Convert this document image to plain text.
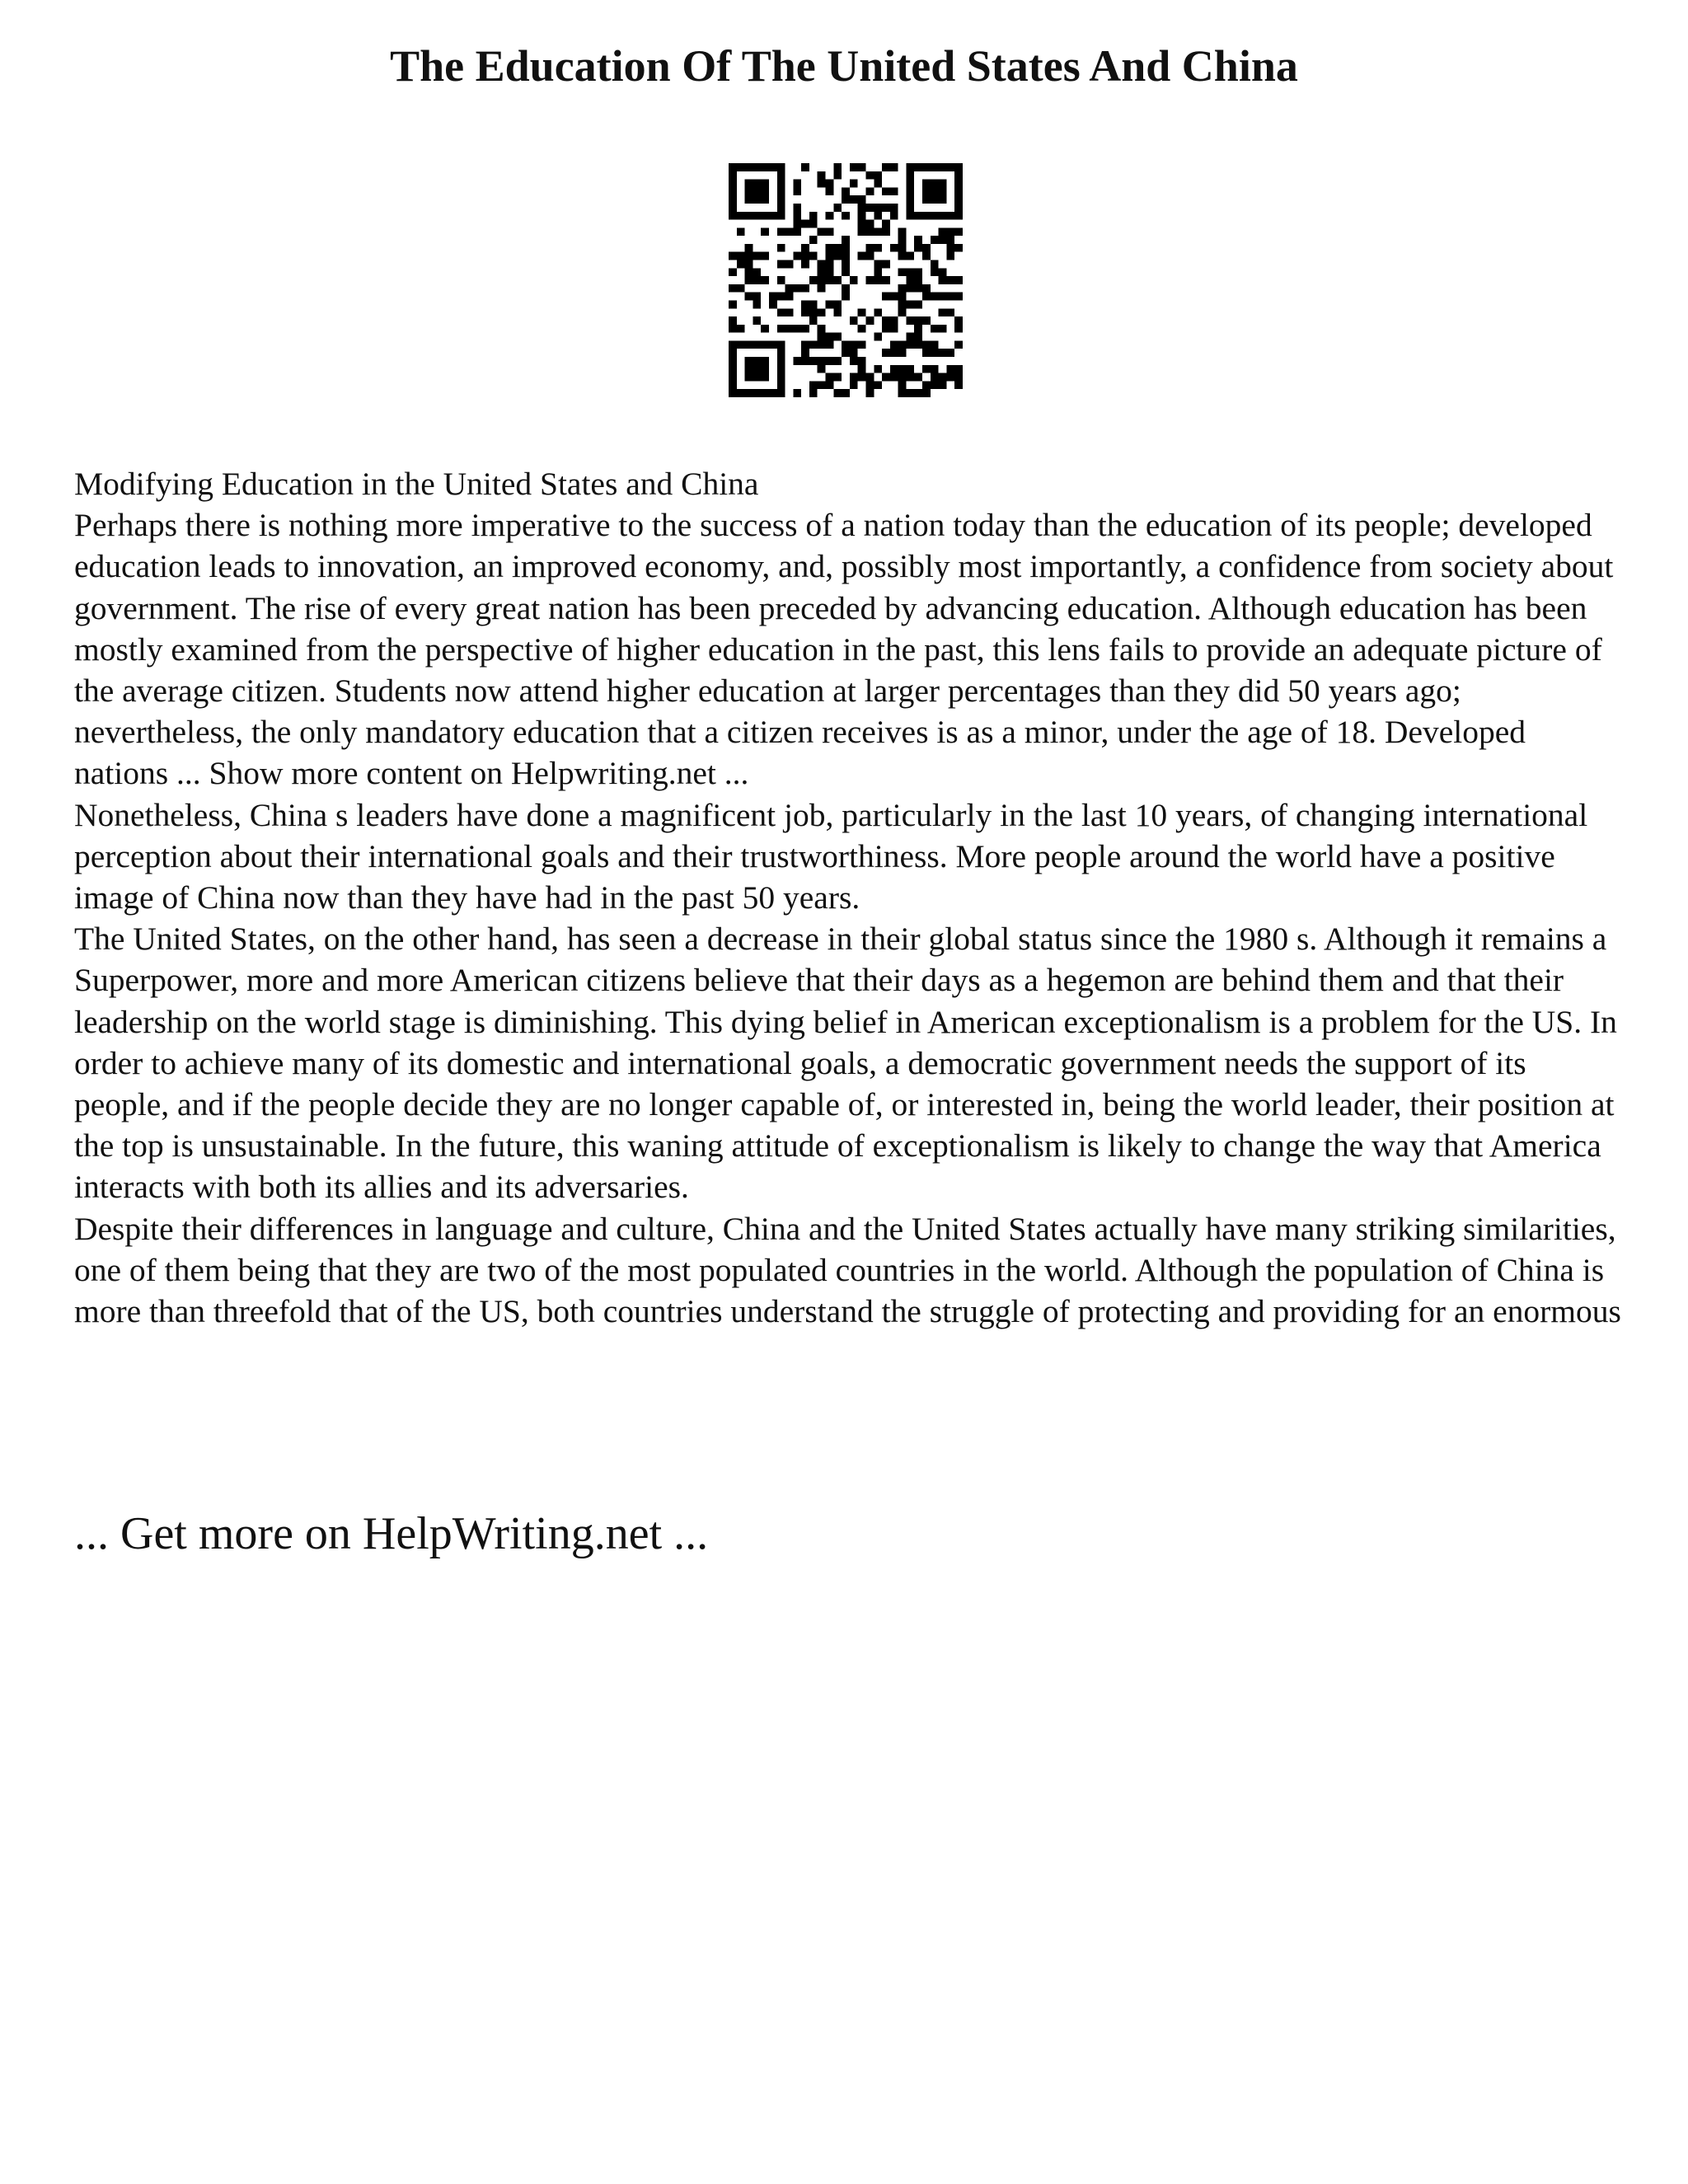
The Education Of The United States And China

Modifying Education in the United States and China

Perhaps there is nothing more imperative to the success of a nation today than the education of its people; developed education leads to innovation, an improved economy, and, possibly most importantly, a confidence from society about government. The rise of every great nation has been preceded by advancing education. Although education has been mostly examined from the perspective of higher education in the past, this lens fails to provide an adequate picture of the average citizen. Students now attend higher education at larger percentages than they did 50 years ago; nevertheless, the only mandatory education that a citizen receives is as a minor, under the age of 18. Developed nations ... Show more content on Helpwriting.net ...

Nonetheless, China s leaders have done a magnificent job, particularly in the last 10 years, of changing international perception about their international goals and their trustworthiness. More people around the world have a positive image of China now than they have had in the past 50 years.

The United States, on the other hand, has seen a decrease in their global status since the 1980 s. Although it remains a Superpower, more and more American citizens believe that their days as a hegemon are behind them and that their leadership on the world stage is diminishing. This dying belief in American exceptionalism is a problem for the US. In order to achieve many of its domestic and international goals, a democratic government needs the support of its people, and if the people decide they are no longer capable of, or interested in, being the world leader, their position at the top is unsustainable. In the future, this waning attitude of exceptionalism is likely to change the way that America interacts with both its allies and its adversaries.

Despite their differences in language and culture, China and the United States actually have many striking similarities, one of them being that they are two of the most populated countries in the world. Although the population of China is more than threefold that of the US, both countries understand the struggle of protecting and providing for an enormous

... Get more on HelpWriting.net ...
